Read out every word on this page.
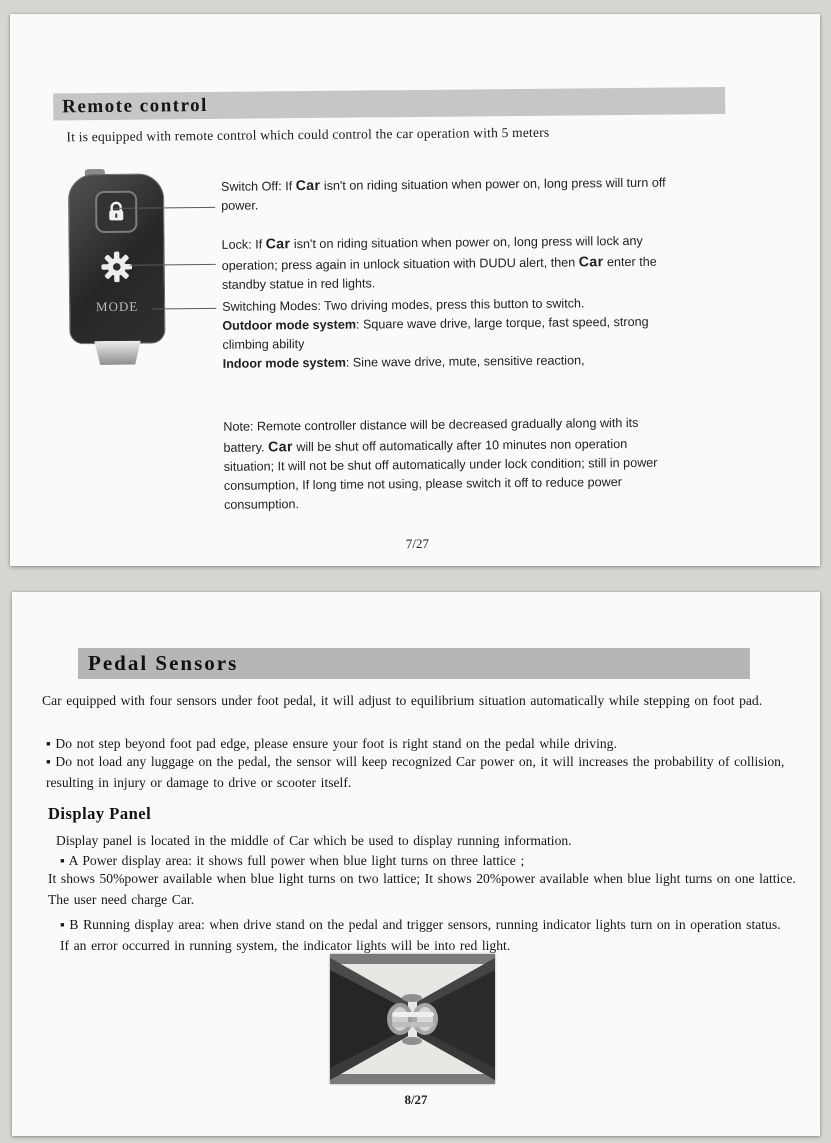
Remote control
It is equipped with remote control which could control the car operation with 5 meters
MODE
Switch Off: If Car isn't on riding situation when power on, long press will turn off power.
Lock: If Car isn't on riding situation when power on, long press will lock any operation; press again in unlock situation with DUDU alert, then Car enter the standby statue in red lights.
Switching Modes: Two driving modes, press this button to switch.
Outdoor mode system: Square wave drive, large torque, fast speed, strong climbing ability
Indoor mode system: Sine wave drive, mute, sensitive reaction,
Note: Remote controller distance will be decreased gradually along with its battery. Car will be shut off automatically after 10 minutes non operation situation; It will not be shut off automatically under lock condition; still in power consumption, If long time not using, please switch it off to reduce power consumption.
7/27
Pedal Sensors
Car equipped with four sensors under foot pedal, it will adjust to equilibrium situation automatically while stepping on foot pad.
▪ Do not step beyond foot pad edge, please ensure your foot is right stand on the pedal while driving.
▪ Do not load any luggage on the pedal, the sensor will keep recognized Car power on, it will increases the probability of collision, resulting in injury or damage to drive or scooter itself.
Display Panel
Display panel is located in the middle of Car which be used to display running information.
▪ A Power display area: it shows full power when blue light turns on three lattice ;
It shows 50%power available when blue light turns on two lattice; It shows 20%power available when blue light turns on one lattice. The user need charge Car.
▪ B Running display area: when drive stand on the pedal and trigger sensors, running indicator lights turn on in operation status. If an error occurred in running system, the indicator lights will be into red light.
8/27
